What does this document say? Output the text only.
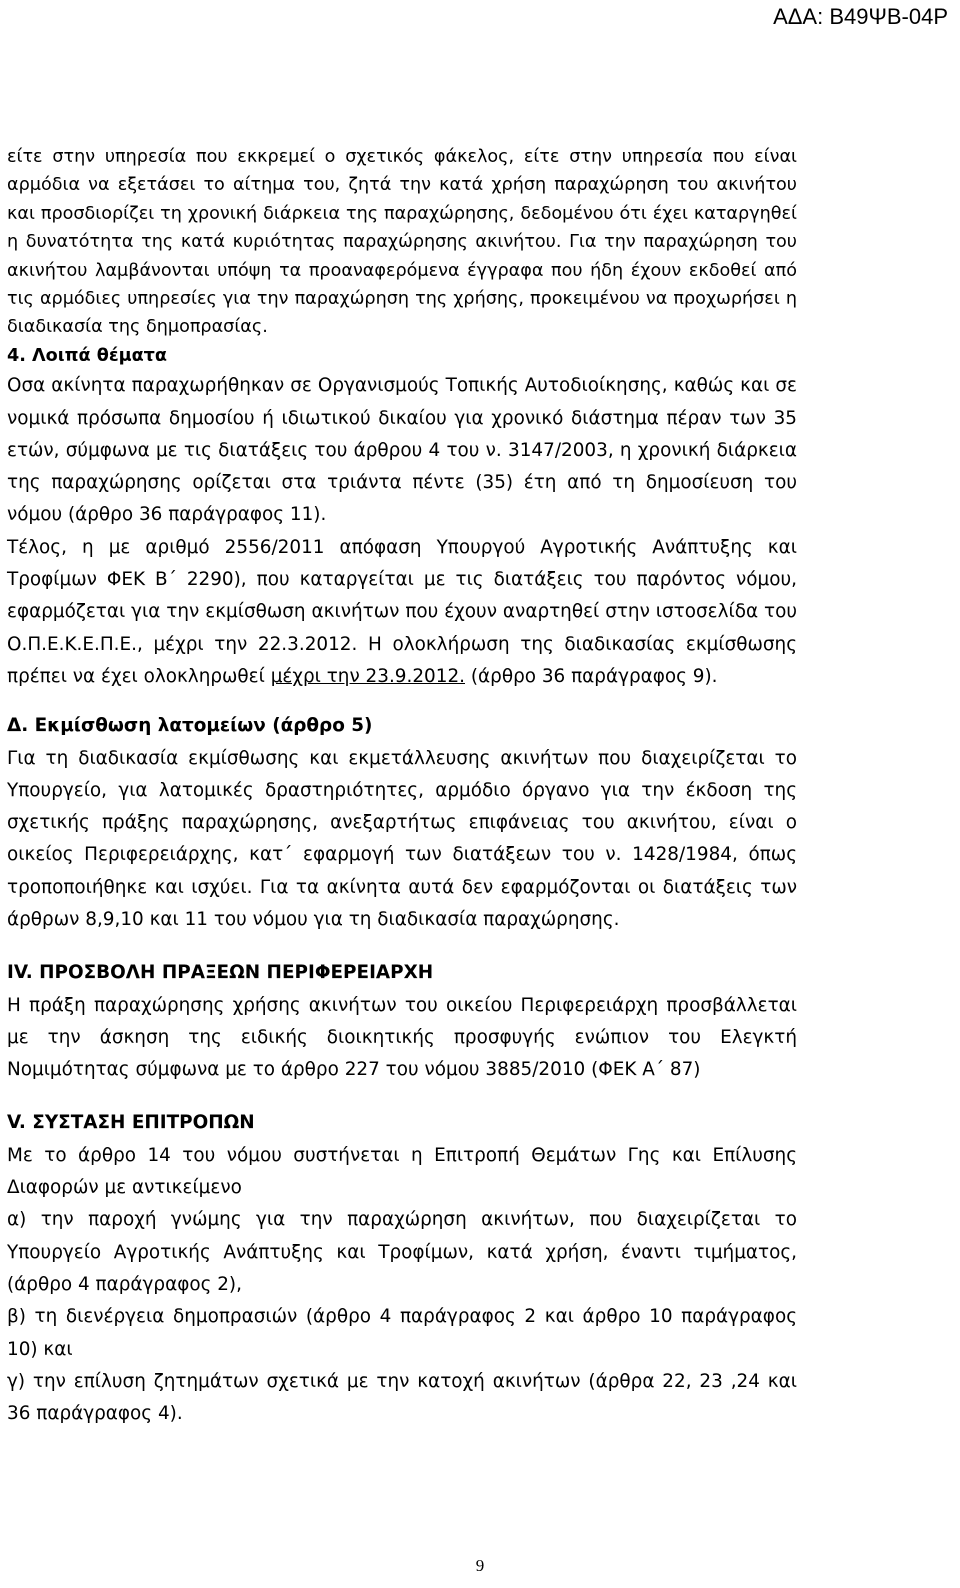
ΑΔΑ: Β49ΨΒ-04Ρ

είτε στην υπηρεσία που εκκρεμεί ο σχετικός φάκελος, είτε στην υπηρεσία που είναι αρμόδια να εξετάσει το αίτημα του, ζητά την κατά χρήση παραχώρηση του ακινήτου και προσδιορίζει τη χρονική διάρκεια της παραχώρησης, δεδομένου ότι έχει καταργηθεί η δυνατότητα της κατά κυριότητας παραχώρησης ακινήτου. Για την παραχώρηση του ακινήτου λαμβάνονται υπόψη τα προαναφερόμενα έγγραφα που ήδη έχουν εκδοθεί από τις αρμόδιες υπηρεσίες για την παραχώρηση της χρήσης, προκειμένου να προχωρήσει η διαδικασία της δημοπρασίας.

4. Λοιπά θέματα

Οσα ακίνητα παραχωρήθηκαν σε Οργανισμούς Τοπικής Αυτοδιοίκησης, καθώς και σε νομικά πρόσωπα δημοσίου ή ιδιωτικού δικαίου για χρονικό διάστημα πέραν των 35 ετών, σύμφωνα με τις διατάξεις του άρθρου 4 του ν. 3147/2003, η χρονική διάρκεια της παραχώρησης ορίζεται στα τριάντα πέντε (35) έτη από τη δημοσίευση του νόμου (άρθρο 36 παράγραφος 11).

Τέλος, η με αριθμό 2556/2011 απόφαση Υπουργού Αγροτικής Ανάπτυξης και Τροφίμων ΦΕΚ Β΄ 2290), που καταργείται με τις διατάξεις του παρόντος νόμου, εφαρμόζεται για την εκμίσθωση ακινήτων που έχουν αναρτηθεί στην ιστοσελίδα του Ο.Π.Ε.Κ.Ε.Π.Ε., μέχρι την 22.3.2012. Η ολοκλήρωση της διαδικασίας εκμίσθωσης πρέπει να έχει ολοκληρωθεί μέχρι την 23.9.2012. (άρθρο 36 παράγραφος 9).

Δ. Εκμίσθωση λατομείων (άρθρο 5)

Για τη διαδικασία εκμίσθωσης και εκμετάλλευσης ακινήτων που διαχειρίζεται το Υπουργείο, για λατομικές δραστηριότητες, αρμόδιο όργανο για την έκδοση της σχετικής πράξης παραχώρησης, ανεξαρτήτως επιφάνειας του ακινήτου, είναι ο οικείος Περιφερειάρχης, κατ΄ εφαρμογή των διατάξεων του ν. 1428/1984, όπως τροποποιήθηκε και ισχύει. Για τα ακίνητα αυτά δεν εφαρμόζονται οι διατάξεις των άρθρων 8,9,10 και 11 του νόμου για τη διαδικασία παραχώρησης.

IV. ΠΡΟΣΒΟΛΗ ΠΡΑΞΕΩΝ ΠΕΡΙΦΕΡΕΙΑΡΧΗ

Η πράξη παραχώρησης χρήσης ακινήτων του οικείου Περιφερειάρχη προσβάλλεται με την άσκηση της ειδικής διοικητικής προσφυγής ενώπιον του Ελεγκτή Νομιμότητας σύμφωνα με το άρθρο 227 του νόμου 3885/2010 (ΦΕΚ Α΄ 87)

V. ΣΥΣΤΑΣΗ ΕΠΙΤΡΟΠΩΝ

Με το άρθρο 14 του νόμου συστήνεται η Επιτροπή Θεμάτων Γης και Επίλυσης Διαφορών με αντικείμενο

α) την παροχή γνώμης για την παραχώρηση ακινήτων, που διαχειρίζεται το Υπουργείο Αγροτικής Ανάπτυξης και Τροφίμων, κατά χρήση, έναντι τιμήματος, (άρθρο 4 παράγραφος 2),

β) τη διενέργεια δημοπρασιών (άρθρο 4 παράγραφος 2 και άρθρο 10 παράγραφος 10) και

γ) την επίλυση ζητημάτων σχετικά με την κατοχή ακινήτων (άρθρα 22, 23 ,24 και 36 παράγραφος 4).

9
